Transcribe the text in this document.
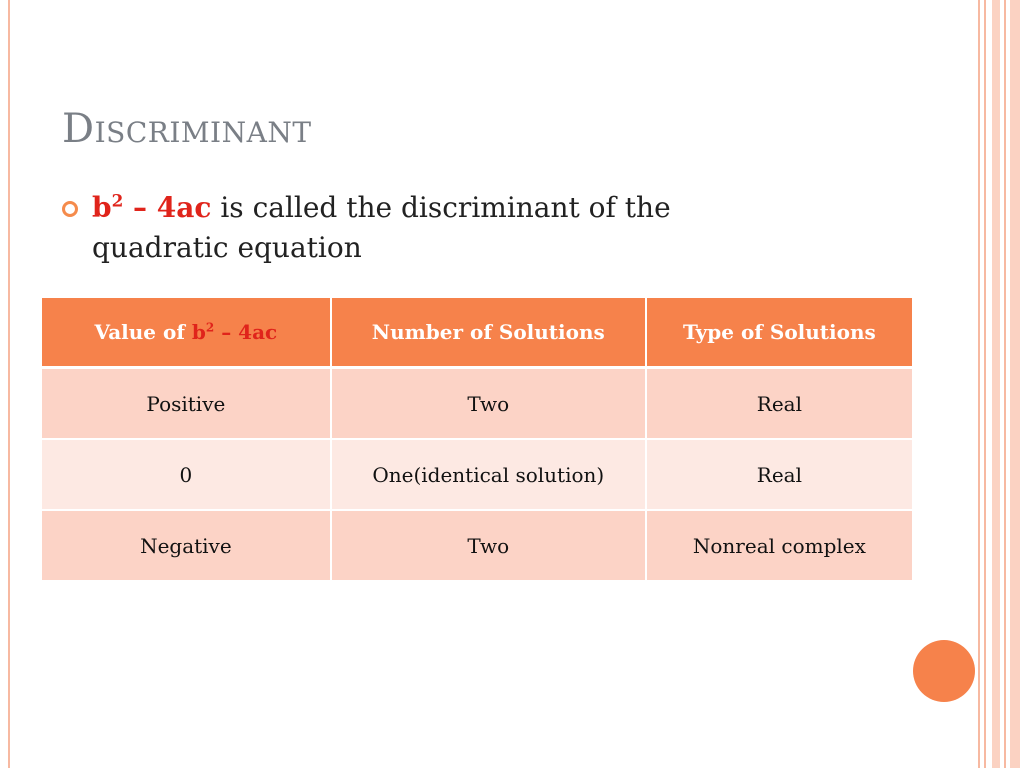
Discriminant
$b^2 - 4ac$ is called the discriminant of the
quadratic equation
Value of $b^2 - 4ac$	Number of Solutions	Type of Solutions
Positive	Two	Real
0	One(identical solution)	Real
Negative	Two	Nonreal complex
